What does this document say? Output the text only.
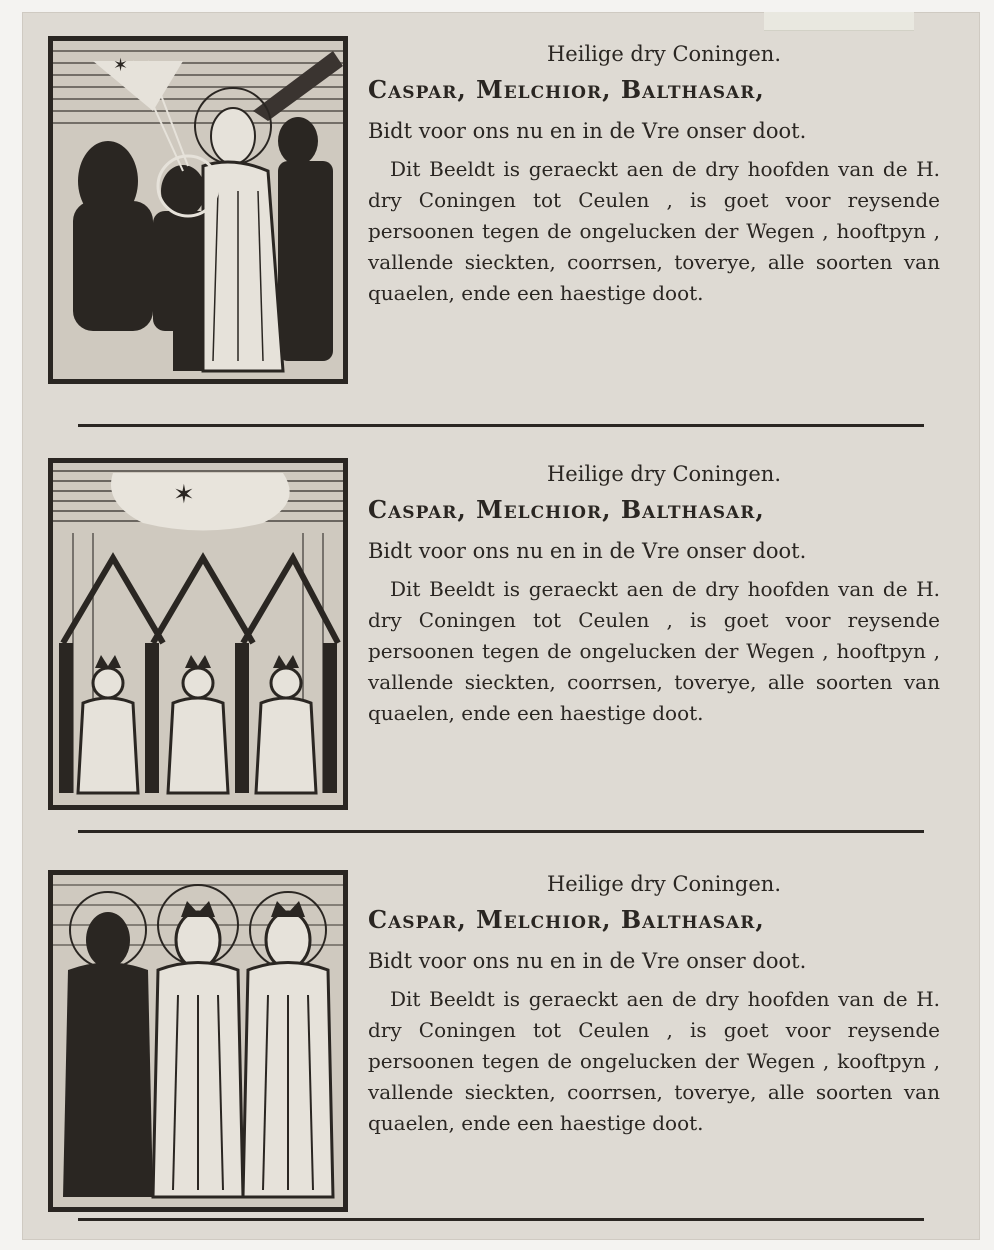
✶	Heilige dry Coningen.
Caspar, Melchior, Balthasar,
Bidt voor ons nu en in de Vre onser doot.

Dit Beeldt is geraeckt aen de dry hoofden van de H. dry Coningen tot Ceulen , is goet voor reysende persoonen tegen de ongelucken der Wegen , hooftpyn , vallende sieckten, coorrsen, toverye, alle soorten van quaelen, ende een haestige doot.

✶
Heilige dry Coningen.
Caspar, Melchior, Balthasar,
Bidt voor ons nu en in de Vre onser doot.

Dit Beeldt is geraeckt aen de dry hoofden van de H. dry Coningen tot Ceulen , is goet voor reysende persoonen tegen de ongelucken der Wegen , hooftpyn , vallende sieckten, coorrsen, toverye, alle soorten van quaelen, ende een haestige doot.

Heilige dry Coningen.
Caspar, Melchior, Balthasar,
Bidt voor ons nu en in de Vre onser doot.

Dit Beeldt is geraeckt aen de dry hoofden van de H. dry Coningen tot Ceulen , is goet voor reysende persoonen tegen de ongelucken der Wegen , kooftpyn , vallende sieckten, coorrsen, toverye, alle soorten van quaelen, ende een haestige doot.
